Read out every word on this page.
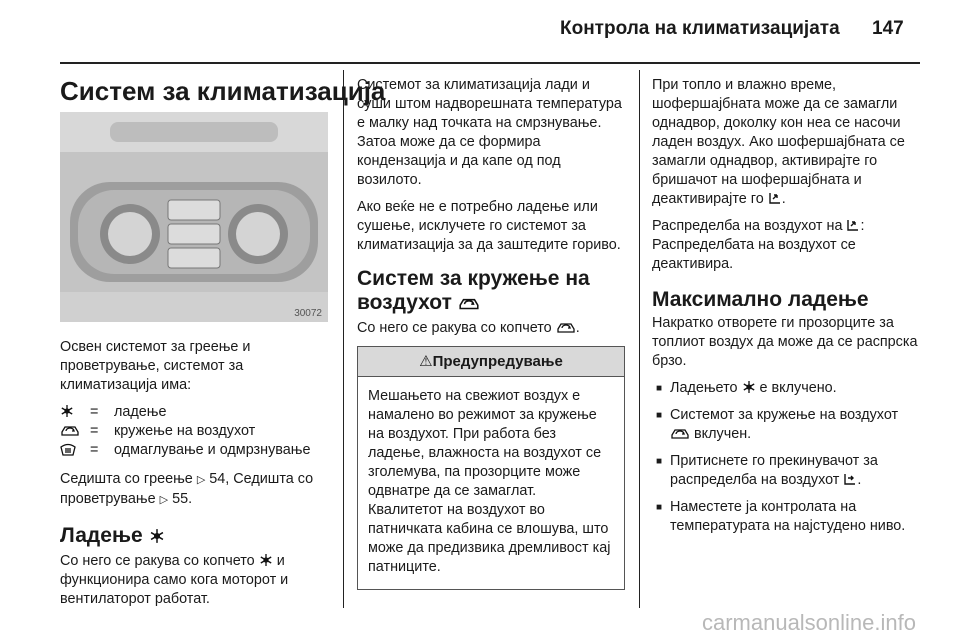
Контрола на климатизацијата 147
Систем за климатизација
30072

Освен системот за греење и проветрување, системот за климатизација има:

	=	ладење

	=	кружење на воздухот

	=	одмаглување и одмрзнување

Седишта со греење ▷ 54, Седишта со проветрување ▷ 55.

Ладење

Со него се ракува со копчето
и функционира само кога моторот и вентилаторот работат.

Системот за климатизација лади и суши штом надворешната температура е малку над точката на смрзнување. Затоа може да се формира кондензација и да капе од под возилото.

Ако веќе не е потребно ладење или сушење, исклучете го системот за климатизација за да заштедите гориво.

Систем за кружење на воздухот

Со него се ракува со копчето .

⚠Предупредување
Мешањето на свежиот воздух е намалено во режимот за кружење на воздухот. При работа без ладење, влажноста на воздухот се зголемува, па прозорците може одвнатре да се замаглат. Квалитетот на воздухот во патничката кабина се влошува, што може да предизвика дремливост кај патниците.

При топло и влажно време, шофершајбната може да се замагли однадвор, доколку кон неа се насочи ладен воздух. Ако шофершајбната се замагли однадвор, активирајте го бришачот на шофершајбната и деактивирајте го .

Распределба на воздухот на : Распределбата на воздухот се деактивира.

Максимално ладење

Накратко отворете ги прозорците за топлиот воздух да може да се распрска брзо.

■ Ладењето
е вклучено.
■ Системот за кружење на воздухот
вклучен.
■ Притиснете го прекинувачот за распределба на воздухот .
■ Наместете ја контролата на температурата на најстудено ниво.
carmanualsonline.info
